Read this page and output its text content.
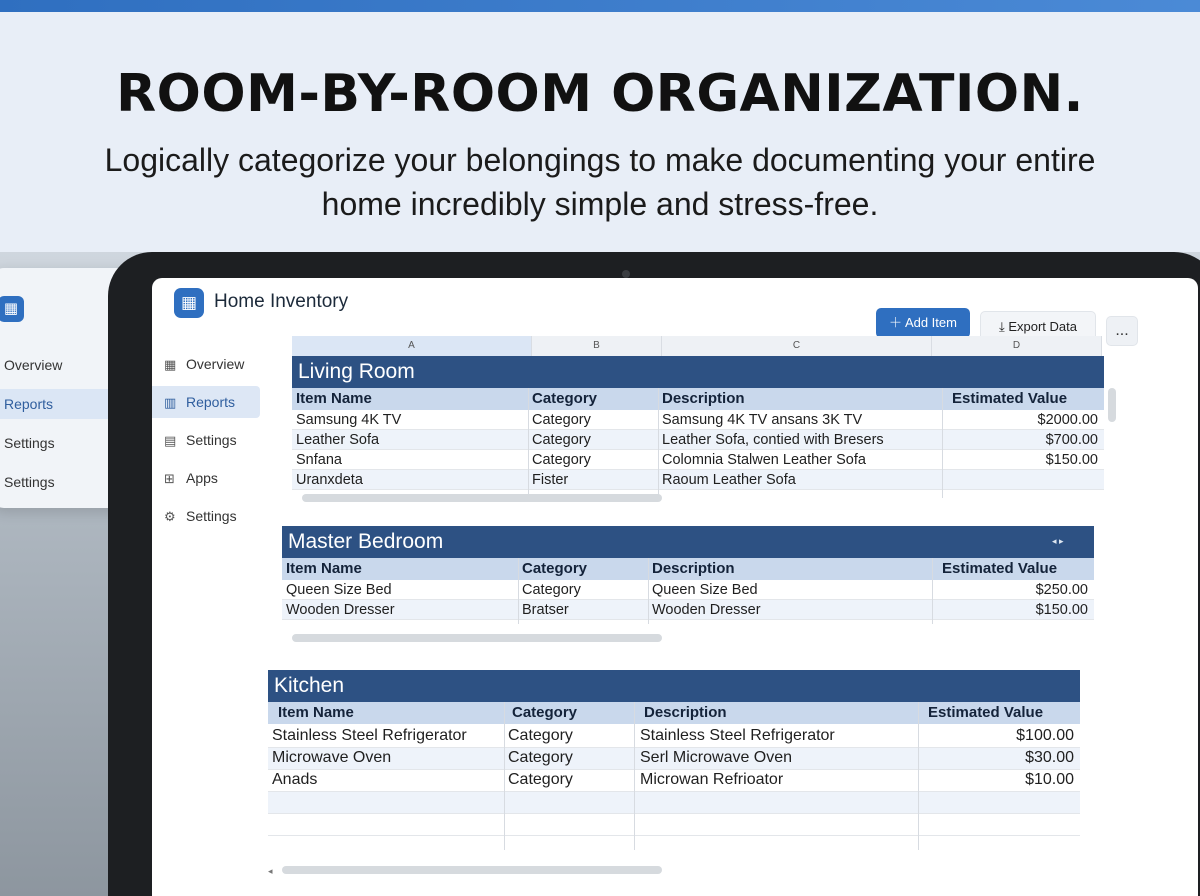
ROOM-BY-ROOM ORGANIZATION.

Logically categorize your belongings to make documenting your entire home incredibly simple and stress-free.

▦
Overview
Reports
Settings
Settings
▦ Home Inventory
＋ Add Item	⤓ Export Data	...
▦ Overview
▥ Reports
▤ Settings
⊞ Apps
⚙ Settings
A	B	C	D
Living Room
Item Name	Category	Description	Estimated Value
Samsung 4K TV	Category	Samsung 4K TV ansans 3K TV	$2000.00
Leather Sofa	Category	Leather Sofa, contied with Bresers	$700.00
Snfana	Category	Colomnia Stalwen Leather Sofa	$150.00
Uranxdeta	Fister	Raoum Leather Sofa
Master Bedroom
Item Name	Category	Description	Estimated Value
Queen Size Bed	Category	Queen Size Bed	$250.00
Wooden Dresser	Bratser	Wooden Dresser	$150.00
◂ ▸
Kitchen
Item Name	Category	Description	Estimated Value
Stainless Steel Refrigerator	Category	Stainless Steel Refrigerator	$100.00
Microwave Oven	Category	Serl Microwave Oven	$30.00
Anads	Category	Microwan Refrioator	$10.00
◂
